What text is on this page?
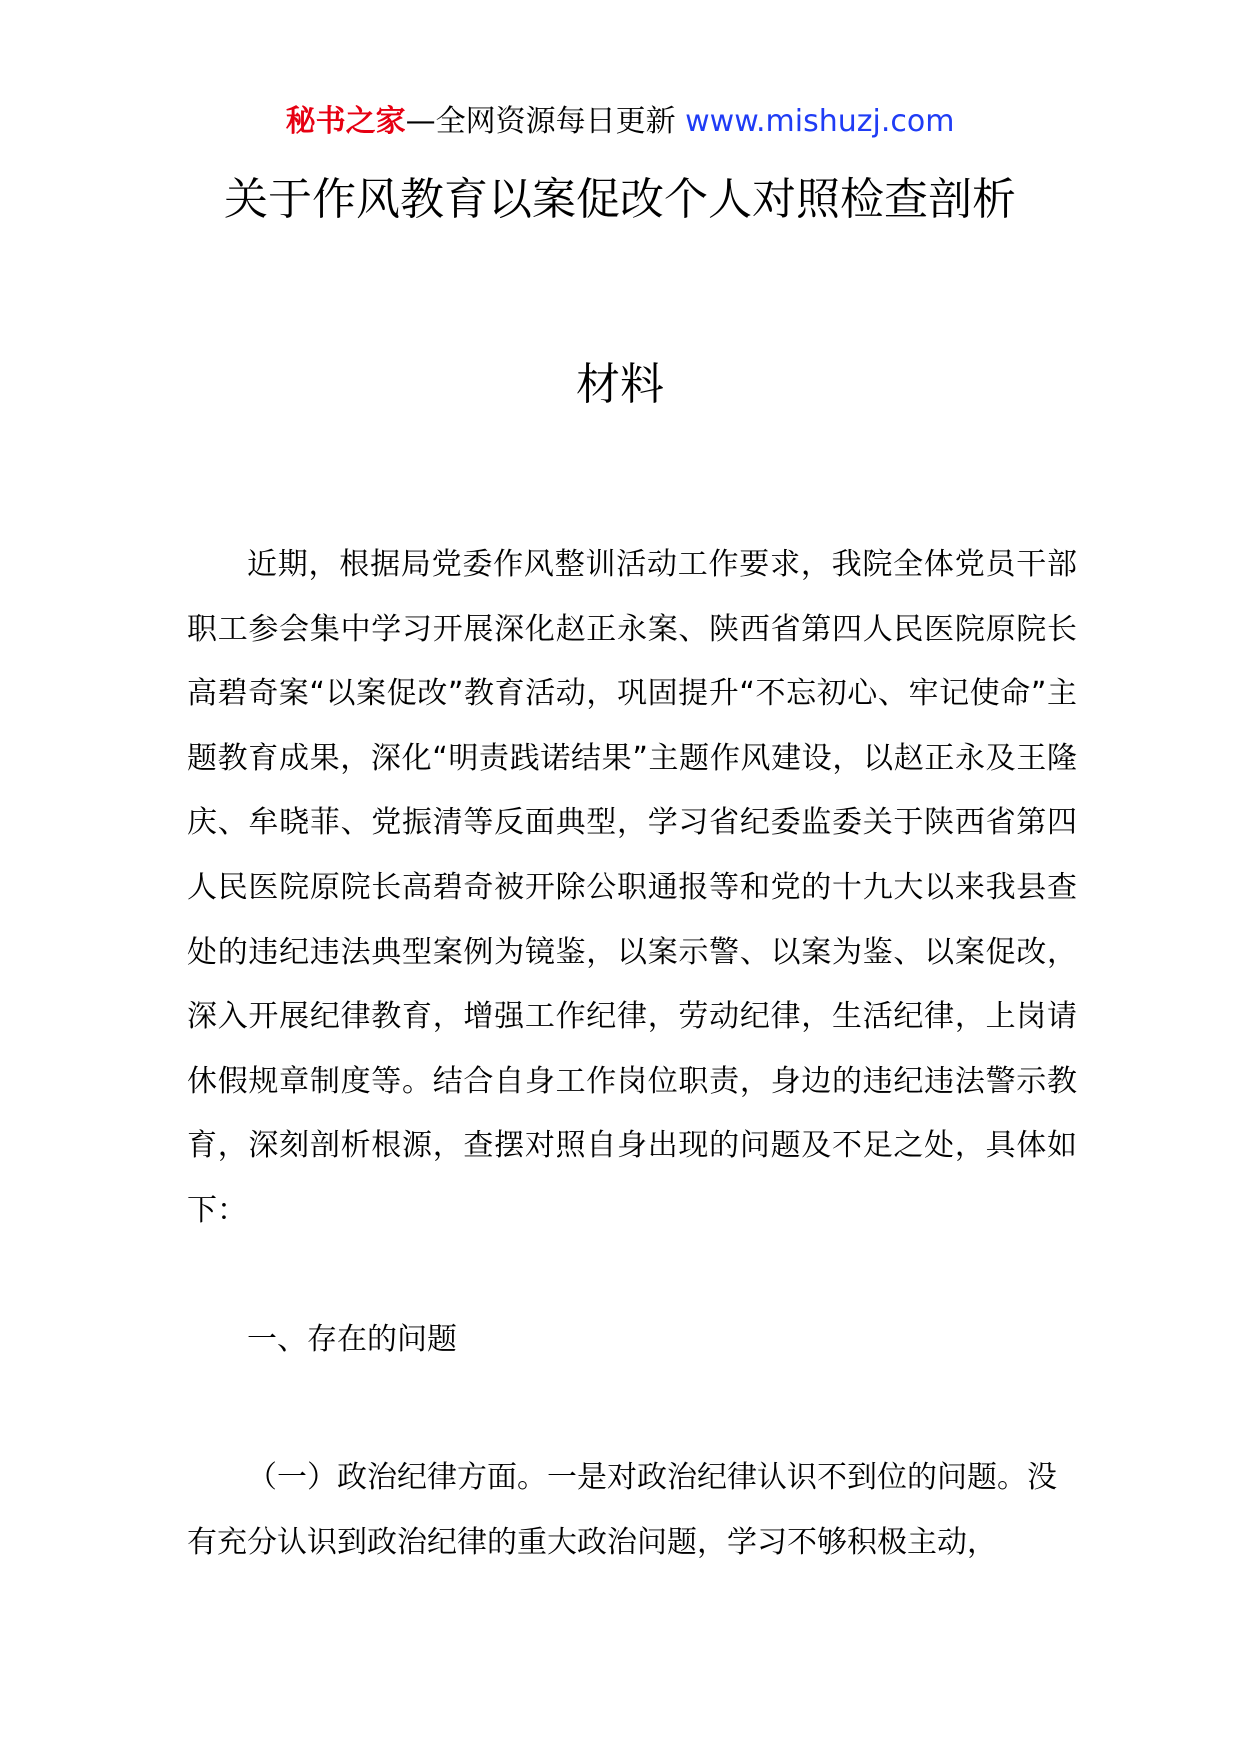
秘书之家—全网资源每日更新 www.mishuzj.com
关于作风教育以案促改个人对照检查剖析
材料

近期，根据局党委作风整训活动工作要求，我院全体党员干部职工参会集中学习开展深化赵正永案、陕西省第四人民医院原院长高碧奇案“以案促改”教育活动，巩固提升“不忘初心、牢记使命”主题教育成果，深化“明责践诺结果”主题作风建设，以赵正永及王隆庆、牟晓菲、党振清等反面典型，学习省纪委监委关于陕西省第四人民医院原院长高碧奇被开除公职通报等和党的十九大以来我县查处的违纪违法典型案例为镜鉴，以案示警、以案为鉴、以案促改，深入开展纪律教育，增强工作纪律，劳动纪律，生活纪律，上岗请休假规章制度等。结合自身工作岗位职责，身边的违纪违法警示教育，深刻剖析根源，查摆对照自身出现的问题及不足之处，具体如下：

一、存在的问题

（一）政治纪律方面。一是对政治纪律认识不到位的问题。没有充分认识到政治纪律的重大政治问题，学习不够积极主动，
